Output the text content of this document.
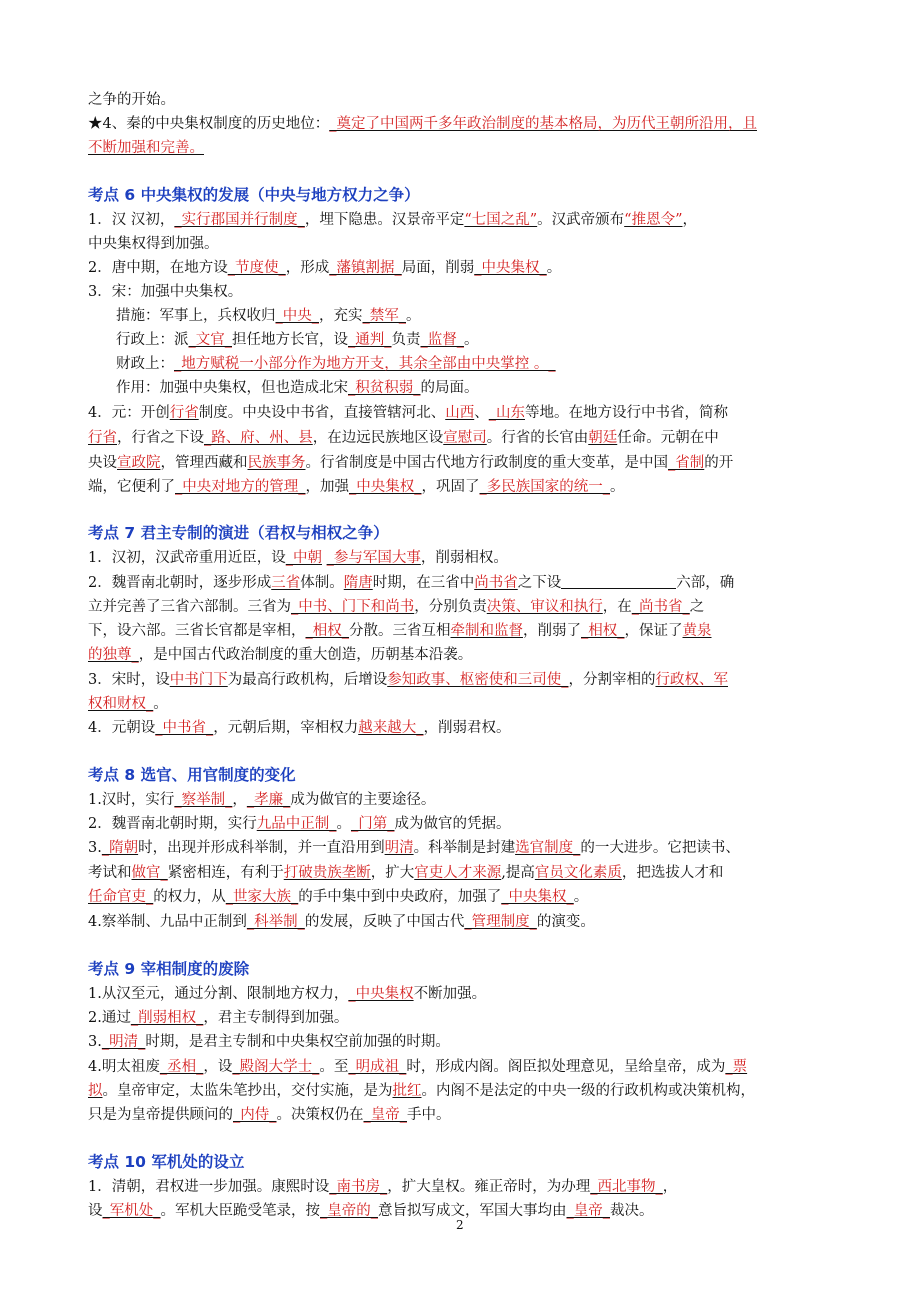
之争的开始。
★4、秦的中央集权制度的历史地位：_奠定了中国两千多年政治制度的基本格局，为历代王朝所沿用，且
不断加强和完善。
考点 6 中央集权的发展（中央与地方权力之争）
1．汉 汉初，_实行郡国并行制度_，埋下隐患。汉景帝平定“七国之乱”。汉武帝颁布“推恩令”，
中央集权得到加强。
2．唐中期，在地方设_节度使_，形成_藩镇割据_局面，削弱_中央集权_。
3．宋：加强中央集权。
措施：军事上，兵权收归_中央_，充实_禁军_。
行政上：派_文官_担任地方长官，设_通判_负责_监督_。
财政上：_地方赋税一小部分作为地方开支，其余全部由中央掌控 。_
作用：加强中央集权，但也造成北宋_积贫积弱_的局面。
4．元：开创行省制度。中央设中书省，直接管辖河北、山西、_山东等地。在地方设行中书省，简称
行省，行省之下设_路、府、州、县，在边远民族地区设宣慰司。行省的长官由朝廷任命。元朝在中
央设宣政院，管理西藏和民族事务。行省制度是中国古代地方行政制度的重大变革，是中国_省制的开
端，它便利了_中央对地方的管理_，加强_中央集权_，巩固了_多民族国家的统一_。
考点 7 君主专制的演进（君权与相权之争）
1．汉初，汉武帝重用近臣，设_中朝 _参与军国大事，削弱相权。
2．魏晋南北朝时，逐步形成三省体制。隋唐时期，在三省中尚书省之下设	六部，确
立并完善了三省六部制。三省为_中书、门下和尚书，分别负责决策、审议和执行，在_尚书省_之
下，设六部。三省长官都是宰相，_相权_分散。三省互相牵制和监督，削弱了_相权_，保证了黄泉
的独尊_，是中国古代政治制度的重大创造，历朝基本沿袭。
3．宋时，设中书门下为最高行政机构，后增设参知政事、枢密使和三司使_，分割宰相的行政权、军
权和财权_。
4．元朝设_中书省_，元朝后期，宰相权力越来越大_，削弱君权。
考点 8 选官、用官制度的变化
1.汉时，实行_察举制_，_孝廉_成为做官的主要途径。
2．魏晋南北朝时期，实行九品中正制_。_门第_成为做官的凭据。
3._隋朝时，出现并形成科举制，并一直沿用到明清。科举制是封建选官制度_的一大进步。它把读书、
考试和做官_紧密相连，有利于打破贵族垄断，扩大官吏人才来源,提高官员文化素质，把选拔人才和
任命官吏_的权力，从_世家大族_的手中集中到中央政府，加强了_中央集权_。
4.察举制、九品中正制到_科举制_的发展，反映了中国古代_管理制度_的演变。
考点 9 宰相制度的废除
1.从汉至元，通过分割、限制地方权力，_中央集权不断加强。
2.通过_削弱相权_，君主专制得到加强。
3._明清_时期，是君主专制和中央集权空前加强的时期。
4.明太祖废_丞相_，设_殿阁大学士_。至_明成祖_时，形成内阁。阁臣拟处理意见，呈给皇帝，成为_票
拟。皇帝审定，太监朱笔抄出，交付实施，是为批红。内阁不是法定的中央一级的行政机构或决策机构，
只是为皇帝提供顾问的_内侍_。决策权仍在_皇帝_手中。
考点 10 军机处的设立
1．清朝，君权进一步加强。康熙时设_南书房_，扩大皇权。雍正帝时，为办理_西北事物_，
设_军机处_。军机大臣跪受笔录，按_皇帝的_意旨拟写成文，军国大事均由_皇帝_裁决。
2
